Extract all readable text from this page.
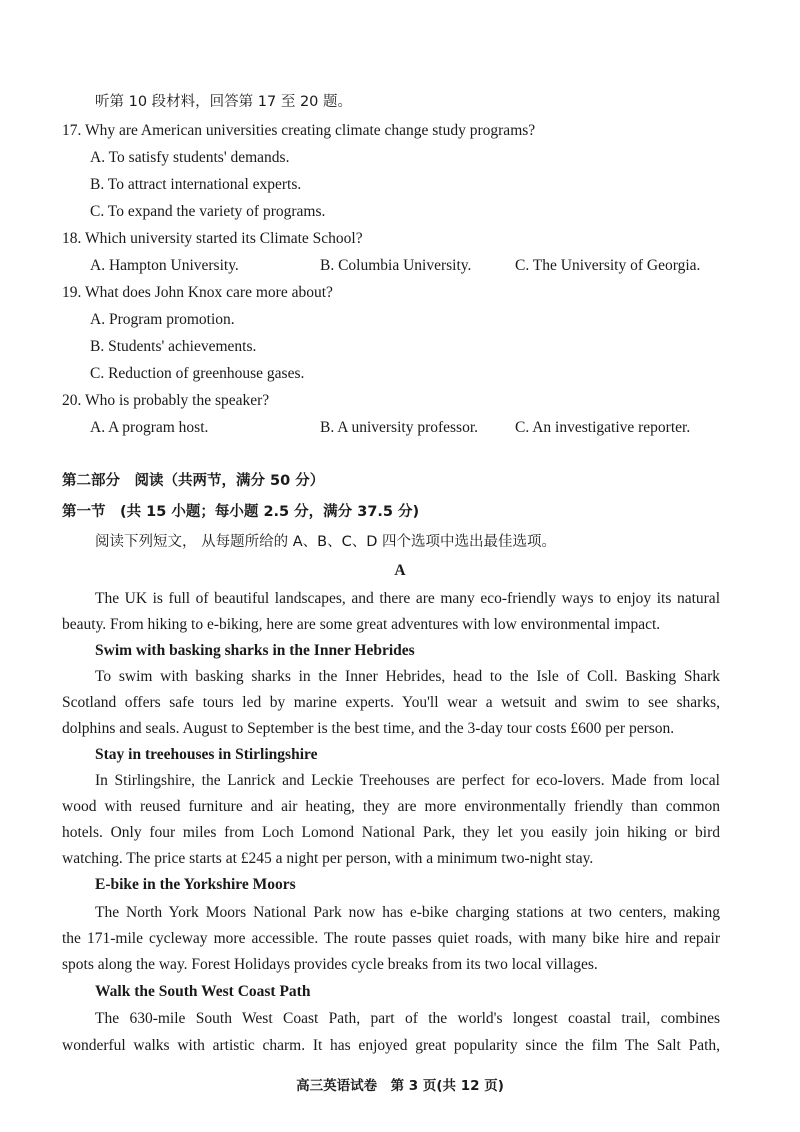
听第 10 段材料，回答第 17 至 20 题。
17. Why are American universities creating climate change study programs?
A. To satisfy students' demands.
B. To attract international experts.
C. To expand the variety of programs.
18. Which university started its Climate School?
A. Hampton University.	B. Columbia University.	C. The University of Georgia.
19. What does John Knox care more about?
A. Program promotion.
B. Students' achievements.
C. Reduction of greenhouse gases.
20. Who is probably the speaker?
A. A program host.	B. A university professor. C. An investigative reporter.
第二部分　阅读（共两节，满分 50 分）
第一节　(共 15 小题；每小题 2.5 分，满分 37.5 分)
阅读下列短文， 从每题所给的 A、B、C、D 四个选项中选出最佳选项。
A
The UK is full of beautiful landscapes, and there are many eco-friendly ways to enjoy its natural
beauty. From hiking to e-biking, here are some great adventures with low environmental impact.
Swim with basking sharks in the Inner Hebrides
To swim with basking sharks in the Inner Hebrides, head to the Isle of Coll. Basking Shark
Scotland offers safe tours led by marine experts. You'll wear a wetsuit and swim to see sharks,
dolphins and seals. August to September is the best time, and the 3-day tour costs £600 per person.
Stay in treehouses in Stirlingshire
In Stirlingshire, the Lanrick and Leckie Treehouses are perfect for eco-lovers. Made from local
wood with reused furniture and air heating, they are more environmentally friendly than common
hotels. Only four miles from Loch Lomond National Park, they let you easily join hiking or bird
watching. The price starts at £245 a night per person, with a minimum two-night stay.
E-bike in the Yorkshire Moors
The North York Moors National Park now has e-bike charging stations at two centers, making
the 171-mile cycleway more accessible. The route passes quiet roads, with many bike hire and repair
spots along the way. Forest Holidays provides cycle breaks from its two local villages.
Walk the South West Coast Path
The 630-mile South West Coast Path, part of the world's longest coastal trail, combines
wonderful walks with artistic charm. It has enjoyed great popularity since the film The Salt Path,
高三英语试卷　第 3 页(共 12 页)
